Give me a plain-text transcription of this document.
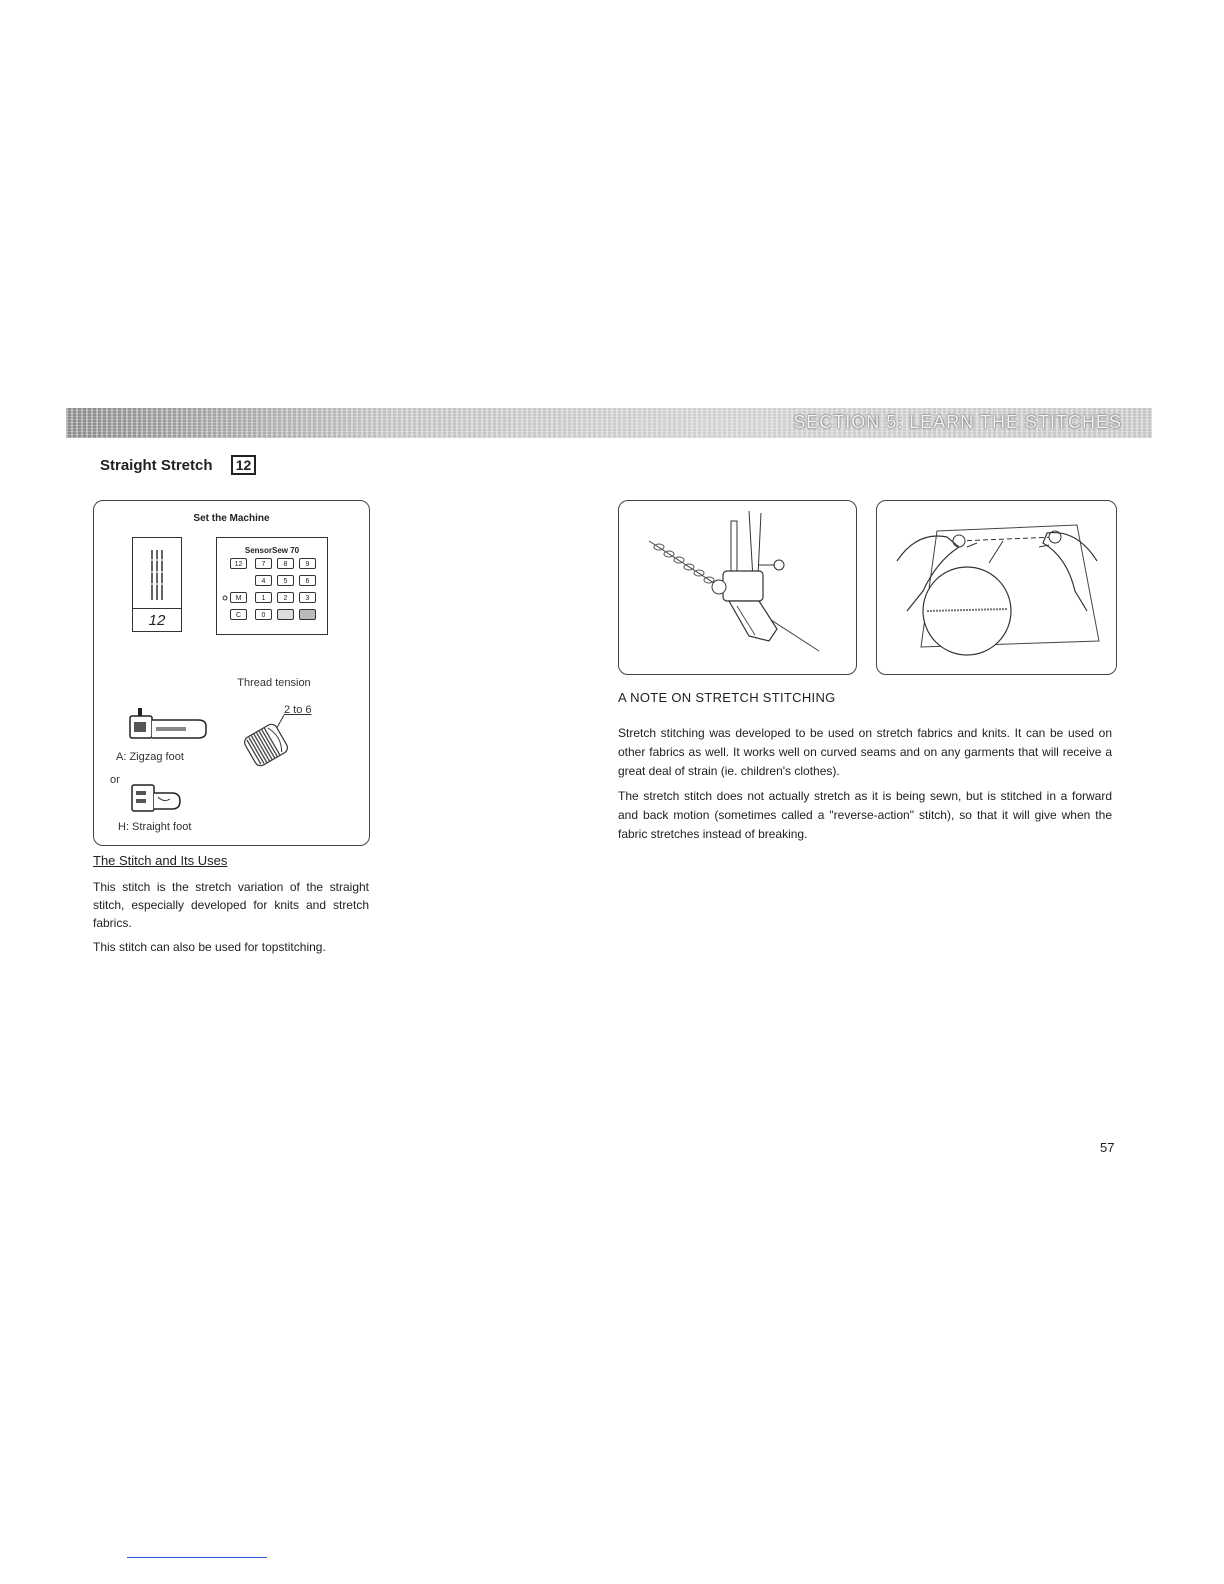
SECTION 5: LEARN THE STITCHES
Straight Stretch 12
Set the Machine
12
SensorSew 70
12	7	8	9
4	5	6
M	1	2	3
C	0
Thread tension
2 to 6
A: Zigzag foot
or
H: Straight foot
The Stitch and Its Uses

This stitch is the stretch variation of the straight stitch, especially developed for knits and stretch fabrics.

This stitch can also be used for topstitching.

A NOTE ON STRETCH STITCHING

Stretch stitching was developed to be used on stretch fabrics and knits. It can be used on other fabrics as well. It works well on curved seams and on any garments that will receive a great deal of strain (ie. children's clothes).

The stretch stitch does not actually stretch as it is being sewn, but is stitched in a forward and back motion (sometimes called a "reverse-action" stitch), so that it will give when the fabric stretches instead of breaking.

57
